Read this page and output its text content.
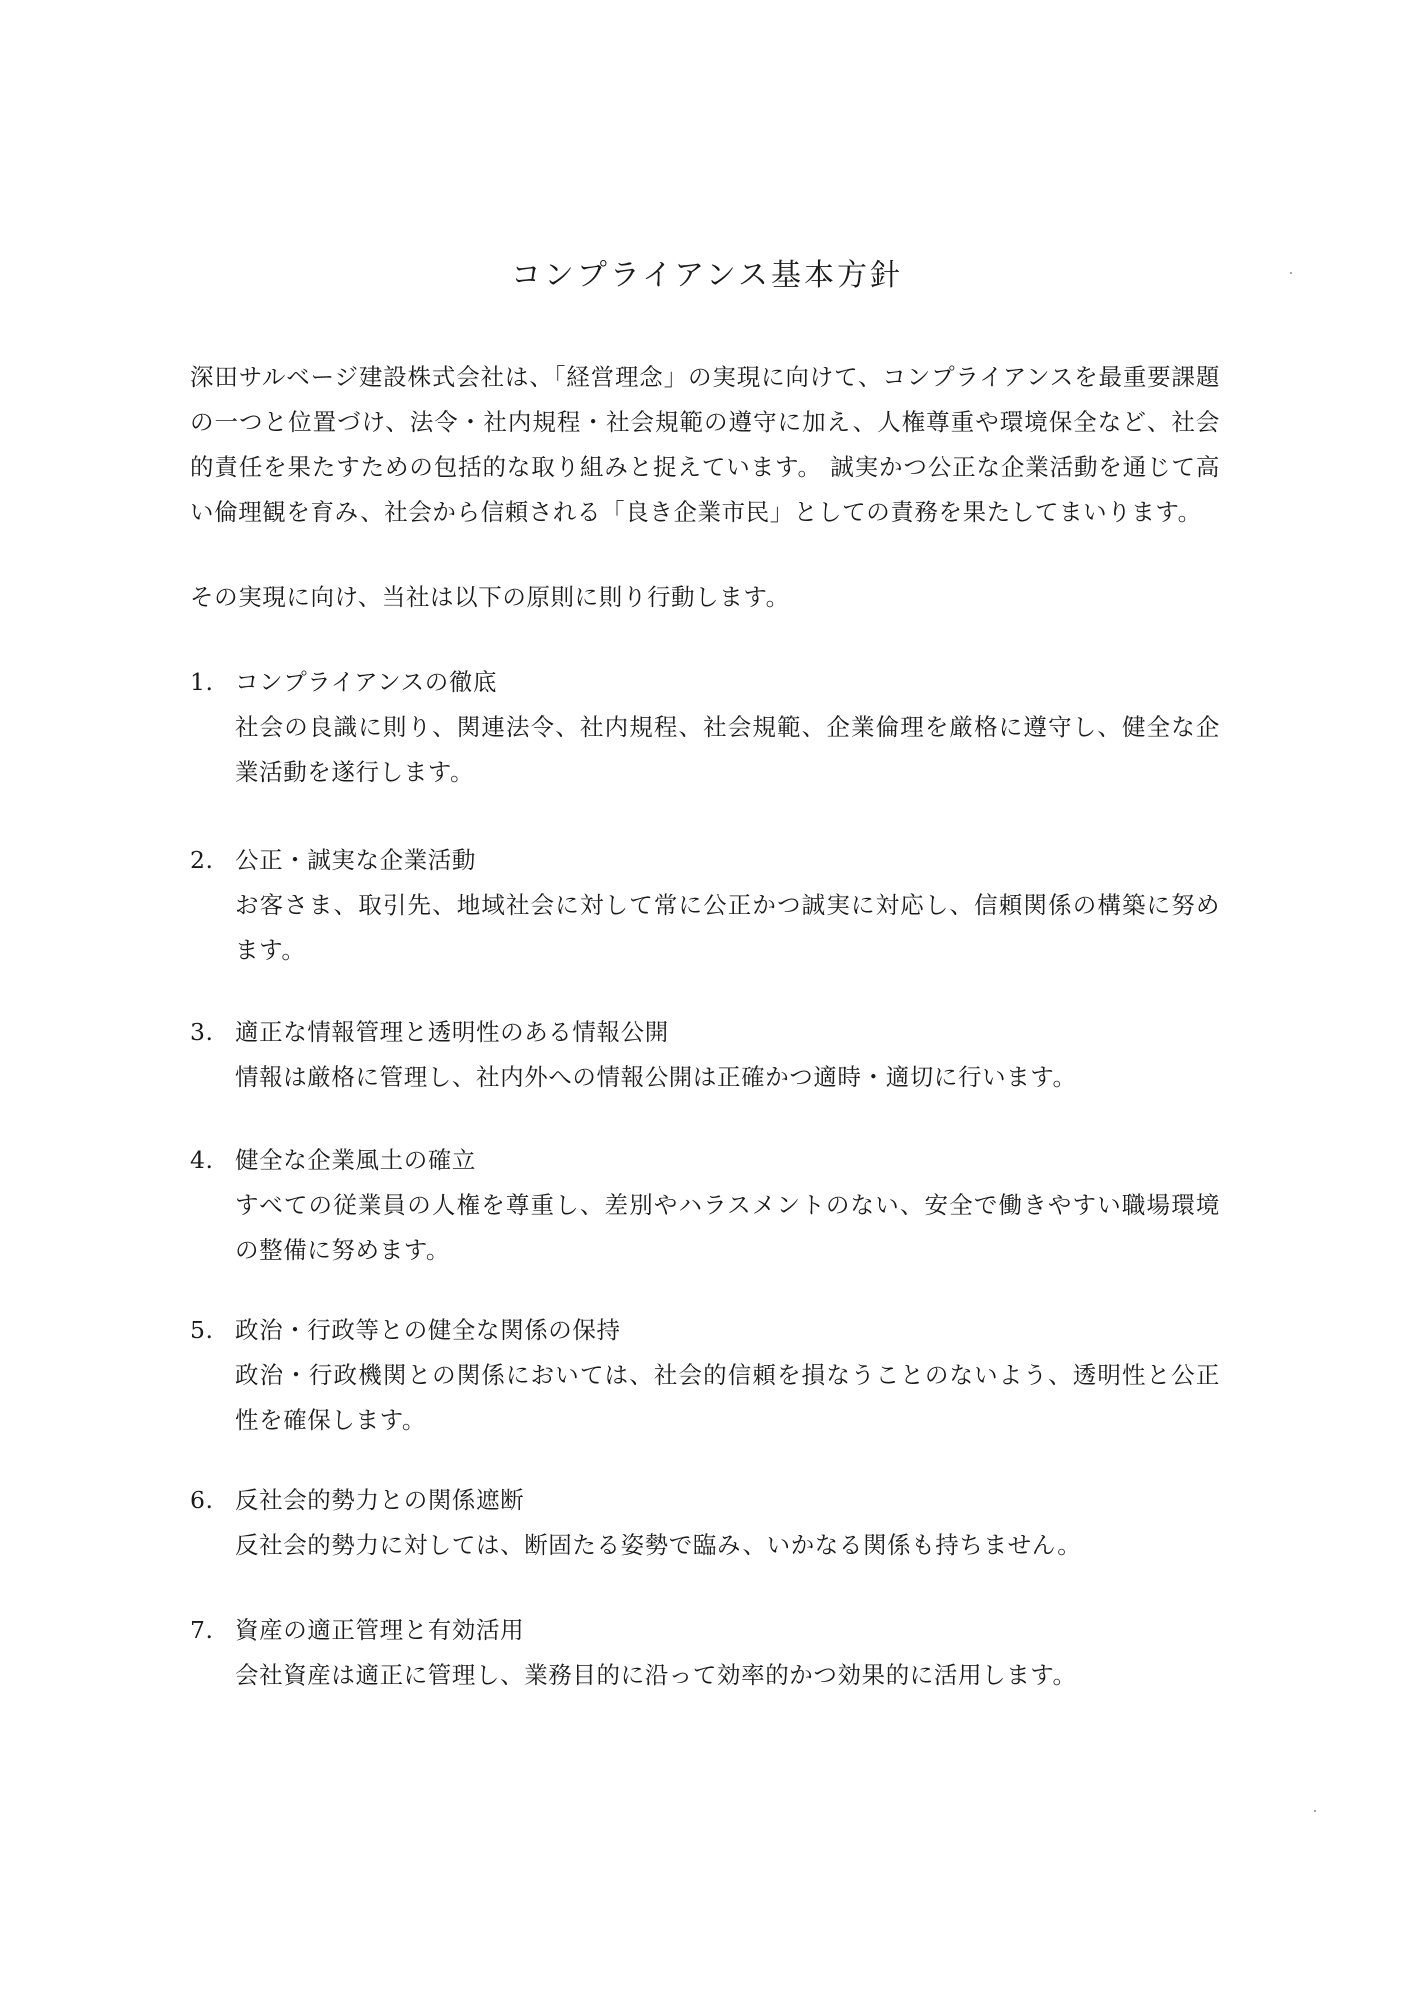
コンプライアンス基本方針

深田サルベージ建設株式会社は、「経営理念」の実現に向けて、コンプライアンスを最重要課題の一つと位置づけ、法令・社内規程・社会規範の遵守に加え、人権尊重や環境保全など、社会的責任を果たすための包括的な取り組みと捉えています。 誠実かつ公正な企業活動を通じて高い倫理観を育み、社会から信頼される「良き企業市民」としての責務を果たしてまいります。

その実現に向け、当社は以下の原則に則り行動します。

1. コンプライアンスの徹底
社会の良識に則り、関連法令、社内規程、社会規範、企業倫理を厳格に遵守し、健全な企業活動を遂行します。
2. 公正・誠実な企業活動
お客さま、取引先、地域社会に対して常に公正かつ誠実に対応し、信頼関係の構築に努めます。
3. 適正な情報管理と透明性のある情報公開
情報は厳格に管理し、社内外への情報公開は正確かつ適時・適切に行います。
4. 健全な企業風土の確立
すべての従業員の人権を尊重し、差別やハラスメントのない、安全で働きやすい職場環境の整備に努めます。
5. 政治・行政等との健全な関係の保持
政治・行政機関との関係においては、社会的信頼を損なうことのないよう、透明性と公正性を確保します。
6. 反社会的勢力との関係遮断
反社会的勢力に対しては、断固たる姿勢で臨み、いかなる関係も持ちません。
7. 資産の適正管理と有効活用
会社資産は適正に管理し、業務目的に沿って効率的かつ効果的に活用します。
